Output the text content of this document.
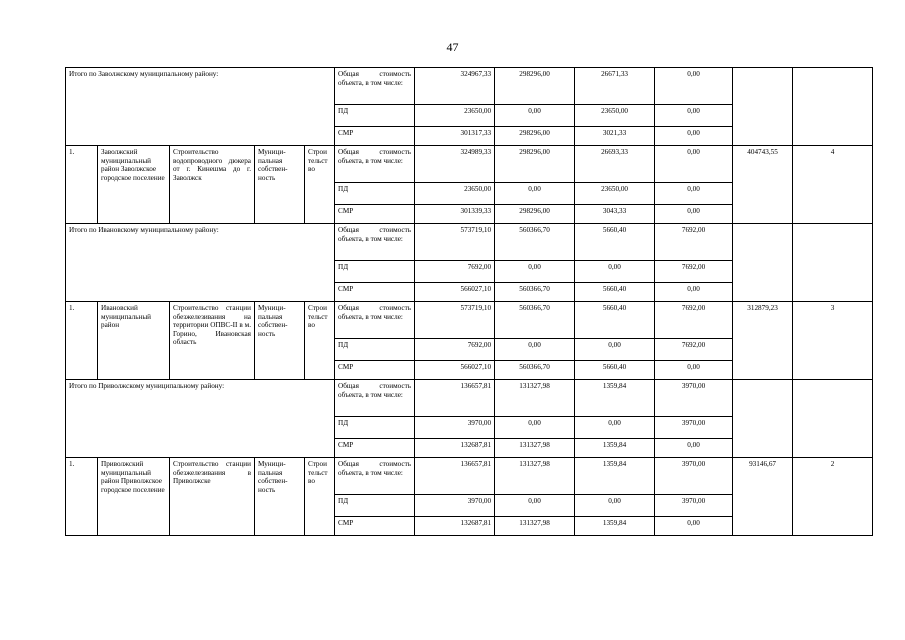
47
Итого по Заволжскому муниципальному району:					Общая стоимость объекта, в том числе:	324967,33	298296,00	26671,33	0,00		
					ПД	23650,00	0,00	23650,00	0,00		
					СМР	301317,33	298296,00	3021,33	0,00		
1.	Заволжский муниципальный район Заволжское городское поселение	Строительство водопроводного дюкера от г. Кинешма до г. Заволжск	Муници-пальная собствен-ность	Строи тельст во	Общая стоимость объекта, в том числе:	324989,33	298296,00	26693,33	0,00	404743,55	4
					ПД	23650,00	0,00	23650,00	0,00		
					СМР	301339,33	298296,00	3043,33	0,00		
Итого по Ивановскому муниципальному району:					Общая стоимость объекта, в том числе:	573719,10	560366,70	5660,40	7692,00		
					ПД	7692,00	0,00	0,00	7692,00		
					СМР	566027,10	560366,70	5660,40	0,00		
1.	Ивановский муниципальный район	Строительство станции обезжелезивания на территории ОПВС-II в м. Горино, Ивановская область	Муници-пальная собствен-ность	Строи тельст во	Общая стоимость объекта, в том числе:	573719,10	560366,70	5660,40	7692,00	312879,23	3
					ПД	7692,00	0,00	0,00	7692,00		
					СМР	566027,10	560366,70	5660,40	0,00		
Итого по Приволжскому муниципальному району:					Общая стоимость объекта, в том числе:	136657,81	131327,98	1359,84	3970,00		
					ПД	3970,00	0,00	0,00	3970,00		
					СМР	132687,81	131327,98	1359,84	0,00		
1.	Приволжский муниципальный район Приволжское городское поселение	Строительство станции обезжелезивания в Приволжске	Муници-пальная собствен-ность	Строи тельст во	Общая стоимость объекта, в том числе:	136657,81	131327,98	1359,84	3970,00	93146,67	2
					ПД	3970,00	0,00	0,00	3970,00		
					СМР	132687,81	131327,98	1359,84	0,00		
